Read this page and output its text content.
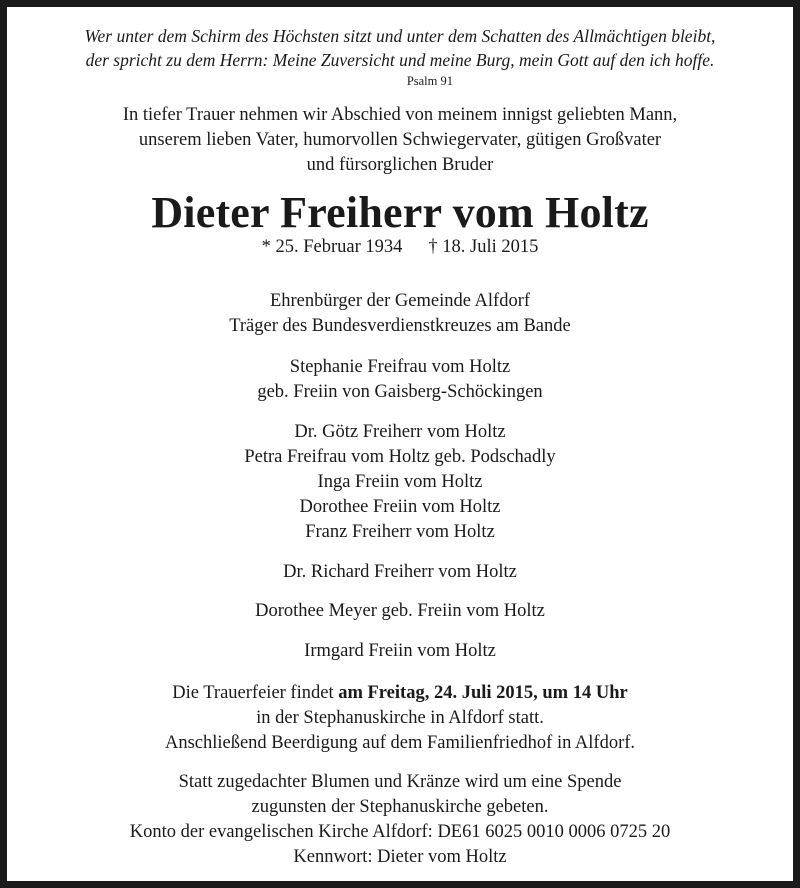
Wer unter dem Schirm des Höchsten sitzt und unter dem Schatten des Allmächtigen bleibt,
der spricht zu dem Herrn: Meine Zuversicht und meine Burg, mein Gott auf den ich hoffe.
Psalm 91
In tiefer Trauer nehmen wir Abschied von meinem innigst geliebten Mann,
unserem lieben Vater, humorvollen Schwiegervater, gütigen Großvater
und fürsorglichen Bruder
Dieter Freiherr vom Holtz
* 25. Februar 1934 † 18. Juli 2015
Ehrenbürger der Gemeinde Alfdorf
Träger des Bundesverdienstkreuzes am Bande
Stephanie Freifrau vom Holtz
geb. Freiin von Gaisberg-Schöckingen
Dr. Götz Freiherr vom Holtz
Petra Freifrau vom Holtz geb. Podschadly
Inga Freiin vom Holtz
Dorothee Freiin vom Holtz
Franz Freiherr vom Holtz
Dr. Richard Freiherr vom Holtz
Dorothee Meyer geb. Freiin vom Holtz
Irmgard Freiin vom Holtz
Die Trauerfeier findet am Freitag, 24. Juli 2015, um 14 Uhr
in der Stephanuskirche in Alfdorf statt.
Anschließend Beerdigung auf dem Familienfriedhof in Alfdorf.
Statt zugedachter Blumen und Kränze wird um eine Spende
zugunsten der Stephanuskirche gebeten.
Konto der evangelischen Kirche Alfdorf: DE61 6025 0010 0006 0725 20
Kennwort: Dieter vom Holtz
